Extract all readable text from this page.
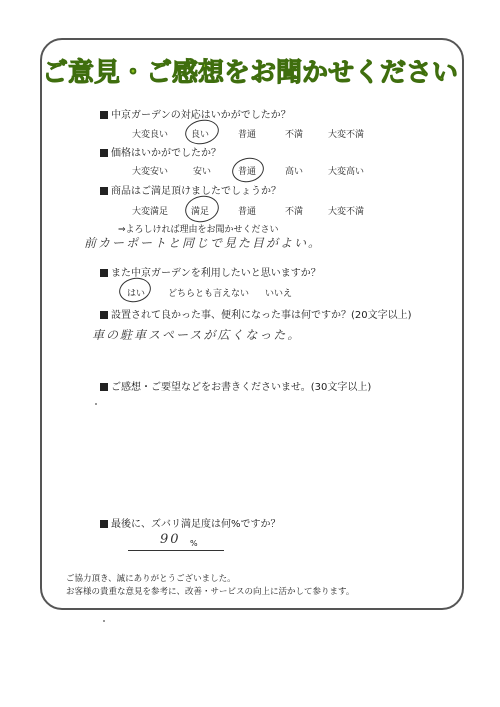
ご意見・ご感想をお聞かせください
中京ガーデンの対応はいかがでしたか？
大変良い	良い	普通	不満	大変不満
価格はいかがでしたか？
大変安い	安い	普通	高い	大変高い
商品はご満足頂けましたでしょうか？
大変満足	満足	普通	不満	大変不満
⇒よろしければ理由をお聞かせください
前カーポートと同じで見た目がよい。
また中京ガーデンを利用したいと思いますか？
はい	どちらとも言えない いいえ
設置されて良かった事、便利になった事は何ですか？(20文字以上)
車の駐車スペースが広くなった。
ご感想・ご要望などをお書きくださいませ。(30文字以上)
最後に、ズバリ満足度は何%ですか？
90 %
ご協力頂き、誠にありがとうございました。
お客様の貴重な意見を参考に、改善・サービスの向上に活かして参ります。
